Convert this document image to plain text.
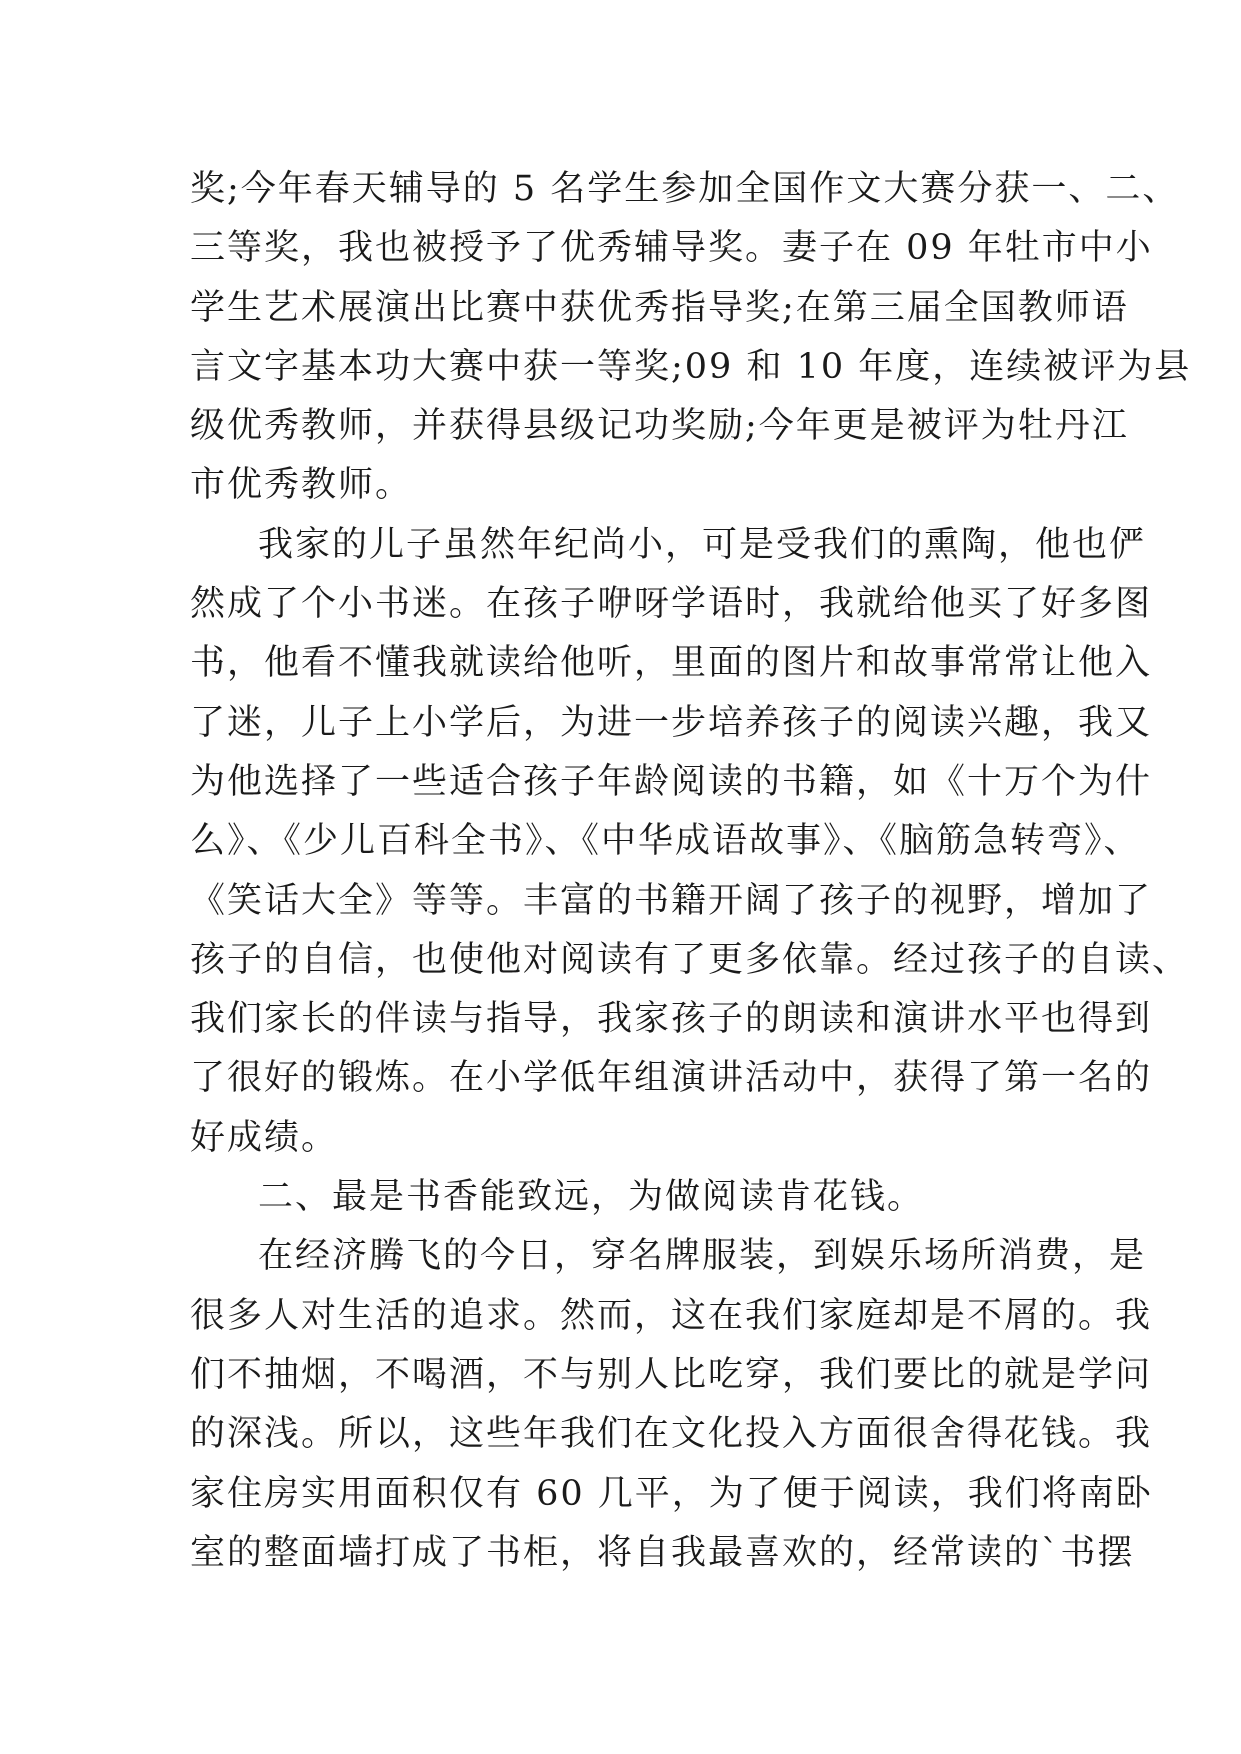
奖;今年春天辅导的 5 名学生参加全国作文大赛分获一、二、
三等奖，我也被授予了优秀辅导奖。妻子在 09 年牡市中小
学生艺术展演出比赛中获优秀指导奖;在第三届全国教师语
言文字基本功大赛中获一等奖;09 和 10 年度，连续被评为县
级优秀教师，并获得县级记功奖励;今年更是被评为牡丹江
市优秀教师。
我家的儿子虽然年纪尚小，可是受我们的熏陶，他也俨
然成了个小书迷。在孩子咿呀学语时，我就给他买了好多图
书，他看不懂我就读给他听，里面的图片和故事常常让他入
了迷，儿子上小学后，为进一步培养孩子的阅读兴趣，我又
为他选择了一些适合孩子年龄阅读的书籍，如《十万个为什
么》、《少儿百科全书》、《中华成语故事》、《脑筋急转弯》、
《笑话大全》等等。丰富的书籍开阔了孩子的视野，增加了
孩子的自信，也使他对阅读有了更多依靠。经过孩子的自读、
我们家长的伴读与指导，我家孩子的朗读和演讲水平也得到
了很好的锻炼。在小学低年组演讲活动中，获得了第一名的
好成绩。
二、最是书香能致远，为做阅读肯花钱。
在经济腾飞的今日，穿名牌服装，到娱乐场所消费，是
很多人对生活的追求。然而，这在我们家庭却是不屑的。我
们不抽烟，不喝酒，不与别人比吃穿，我们要比的就是学问
的深浅。所以，这些年我们在文化投入方面很舍得花钱。我
家住房实用面积仅有 60 几平，为了便于阅读，我们将南卧
室的整面墙打成了书柜，将自我最喜欢的，经常读的`书摆
